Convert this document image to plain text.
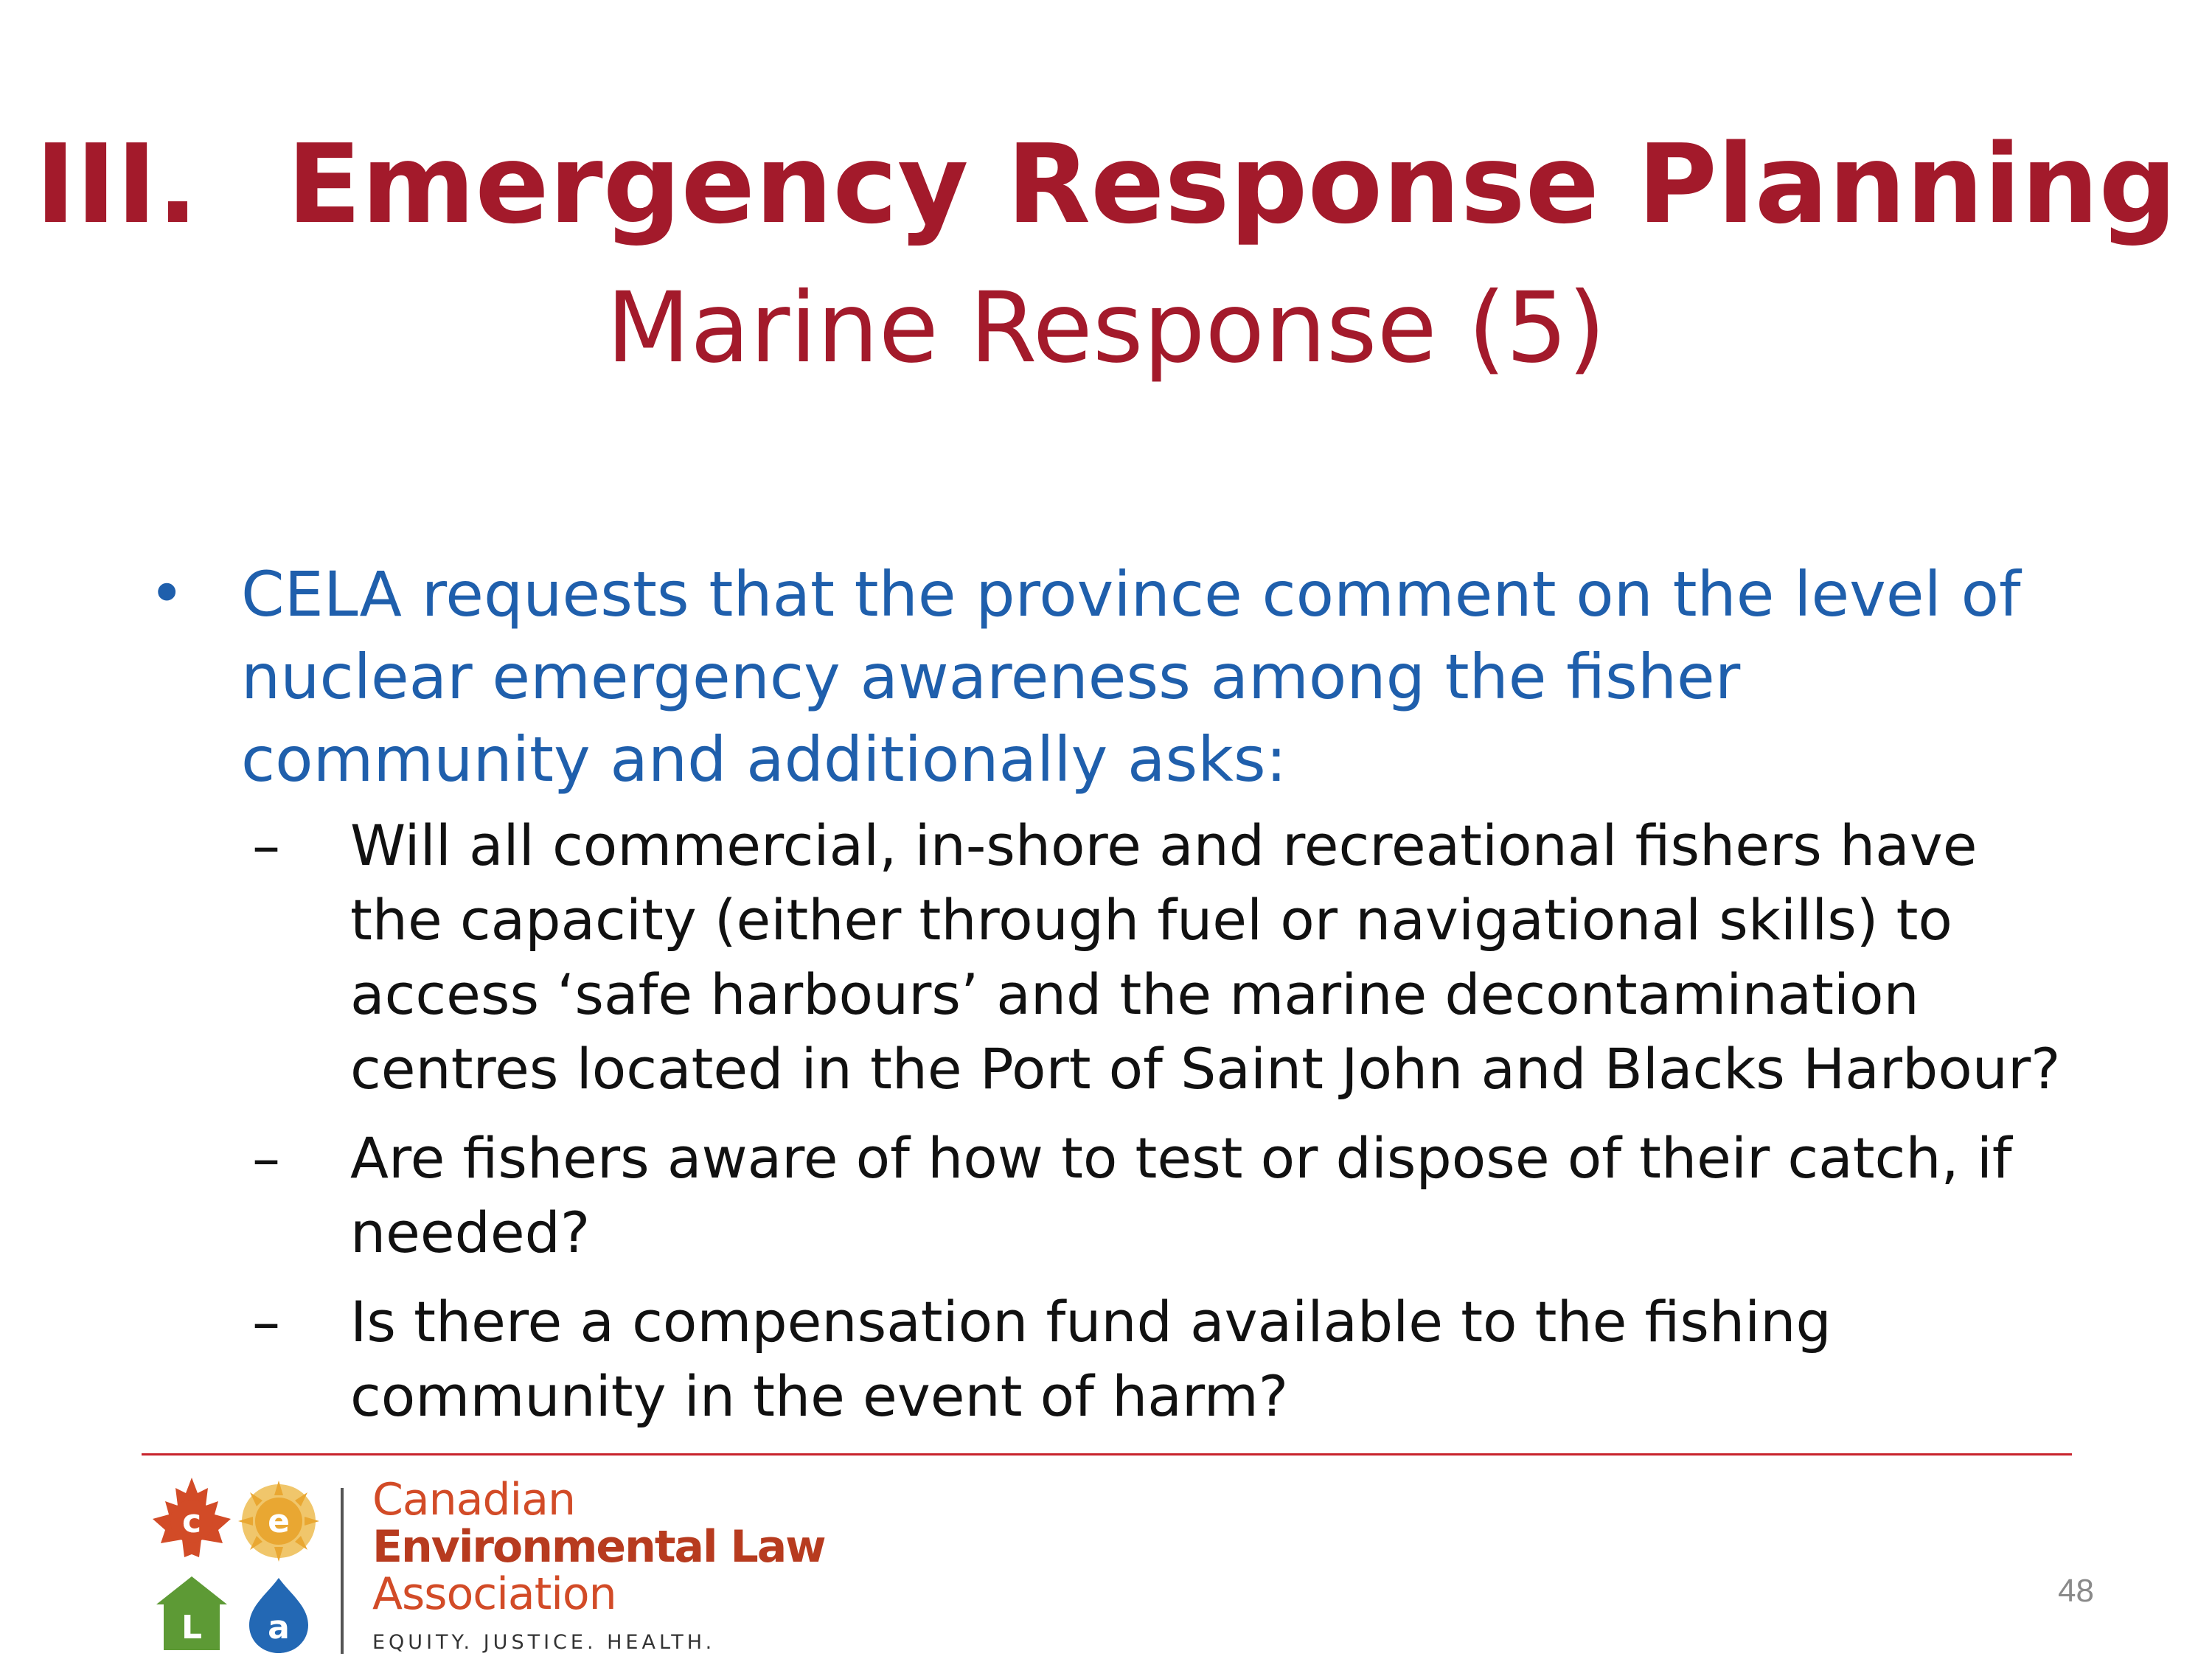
III. Emergency Response Planning
Marine Response (5)
• CELA requests that the province comment on the level of nuclear emergency awareness among the fisher community and additionally asks:
–	Will all commercial, in-shore and recreational fishers have the capacity (either through fuel or navigational skills) to access ‘safe harbours’ and the marine decontamination centres located in the Port of Saint John and Blacks Harbour?
–	Are fishers aware of how to test or dispose of their catch, if needed?
–	Is there a compensation fund available to the fishing community in the event of harm?
c e
L a
Canadian
Environmental Law
Association
EQUITY. JUSTICE. HEALTH.
48
